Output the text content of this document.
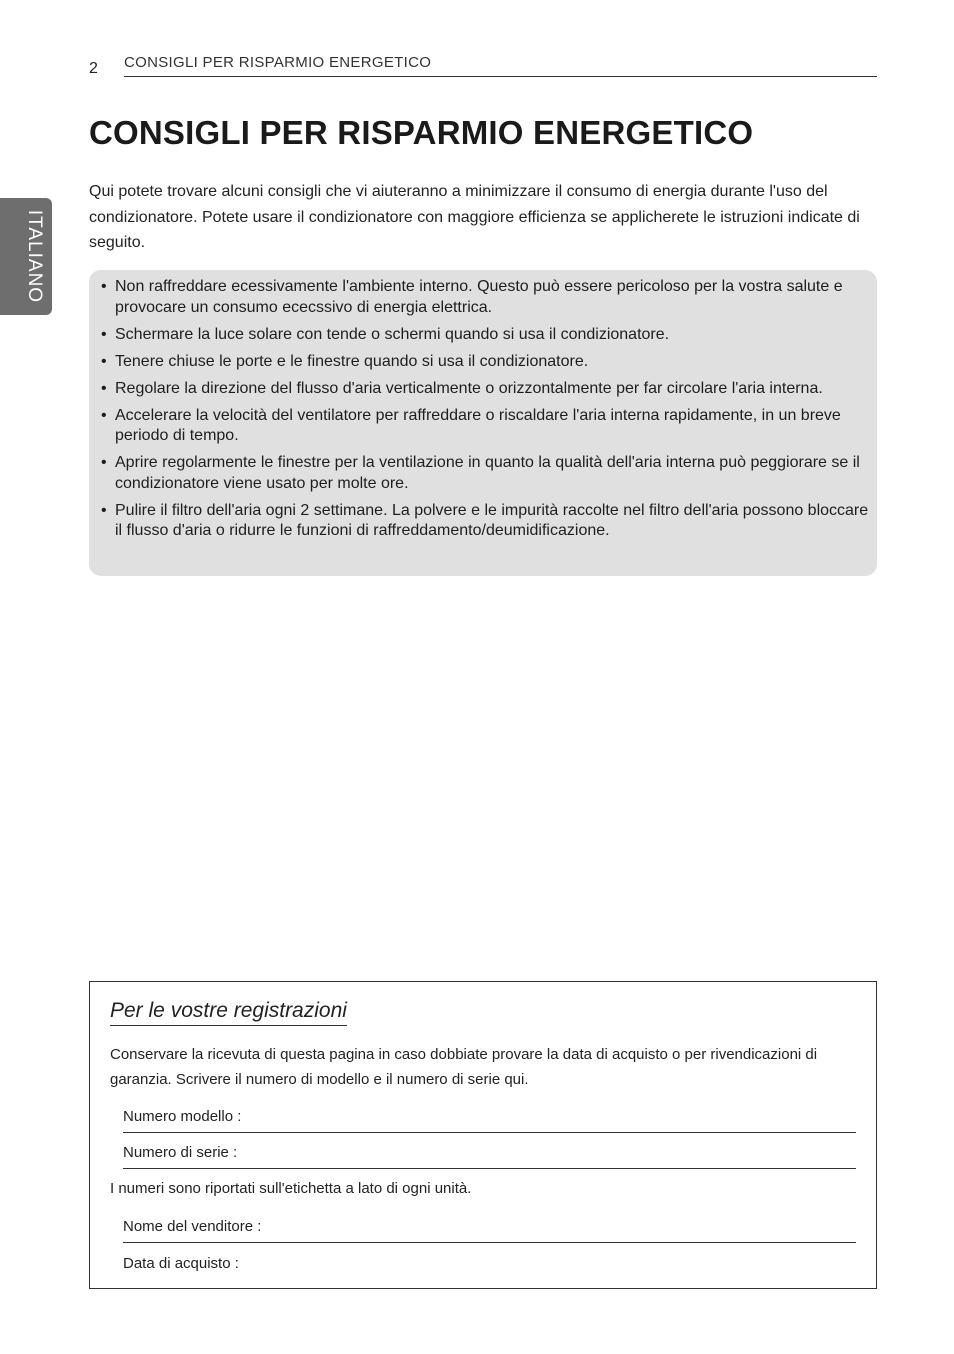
2 CONSIGLI PER RISPARMIO ENERGETICO
CONSIGLI PER RISPARMIO ENERGETICO

Qui potete trovare alcuni consigli che vi aiuteranno a minimizzare il consumo di energia durante l'uso del condizionatore. Potete usare il condizionatore con maggiore efficienza se applicherete le istruzioni indicate di seguito.

• Non raffreddare ecessivamente l'ambiente interno. Questo può essere pericoloso per la vostra salute e provocare un consumo ececssivo di energia elettrica.
• Schermare la luce solare con tende o schermi quando si usa il condizionatore.
• Tenere chiuse le porte e le finestre quando si usa il condizionatore.
• Regolare la direzione del flusso d'aria verticalmente o orizzontalmente per far circolare l'aria interna.
• Accelerare la velocità del ventilatore per raffreddare o riscaldare l'aria interna rapidamente, in un breve periodo di tempo.
• Aprire regolarmente le finestre per la ventilazione in quanto la qualità dell'aria interna può peggiorare se il condizionatore viene usato per molte ore.
• Pulire il filtro dell'aria ogni 2 settimane. La polvere e le impurità raccolte nel filtro dell'aria possono bloccare il flusso d'aria o ridurre le funzioni di raffreddamento/deumidificazione.
Per le vostre registrazioni

Conservare la ricevuta di questa pagina in caso dobbiate provare la data di acquisto o per rivendicazioni di garanzia. Scrivere il numero di modello e il numero di serie qui.

Numero modello :
Numero di serie :

I numeri sono riportati sull'etichetta a lato di ogni unità.

Nome del venditore :
Data di acquisto :
